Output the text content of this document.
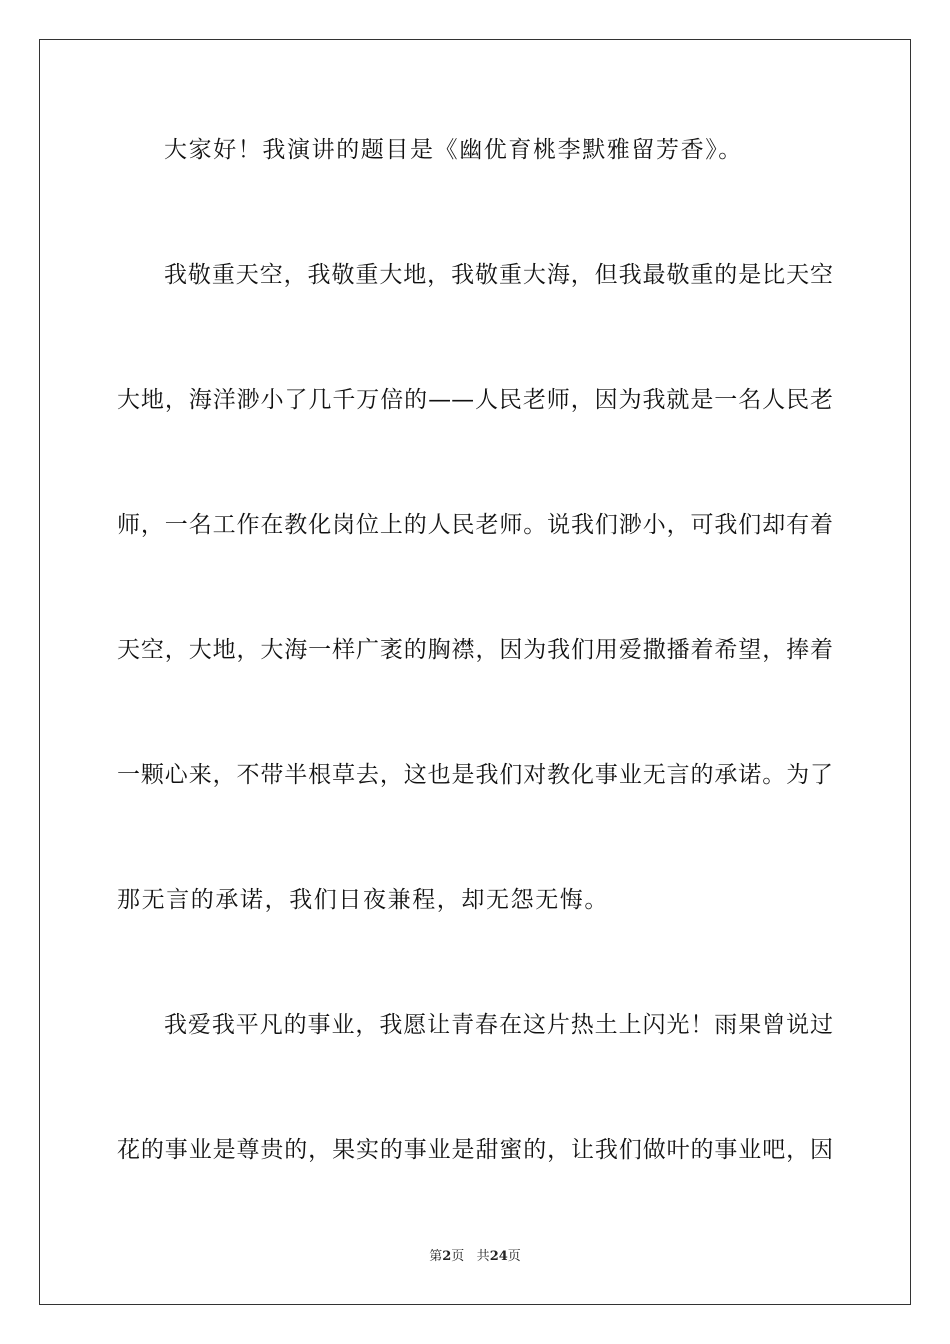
大家好！我演讲的题目是《幽优育桃李默雅留芳香》。
我敬重天空，我敬重大地，我敬重大海，但我最敬重的是比天空
大地，海洋渺小了几千万倍的——人民老师，因为我就是一名人民老
师，一名工作在教化岗位上的人民老师。说我们渺小，可我们却有着
天空，大地，大海一样广袤的胸襟，因为我们用爱撒播着希望，捧着
一颗心来，不带半根草去，这也是我们对教化事业无言的承诺。为了
那无言的承诺，我们日夜兼程，却无怨无悔。
我爱我平凡的事业，我愿让青春在这片热土上闪光！雨果曾说过
花的事业是尊贵的，果实的事业是甜蜜的，让我们做叶的事业吧，因
第2页 共24页
